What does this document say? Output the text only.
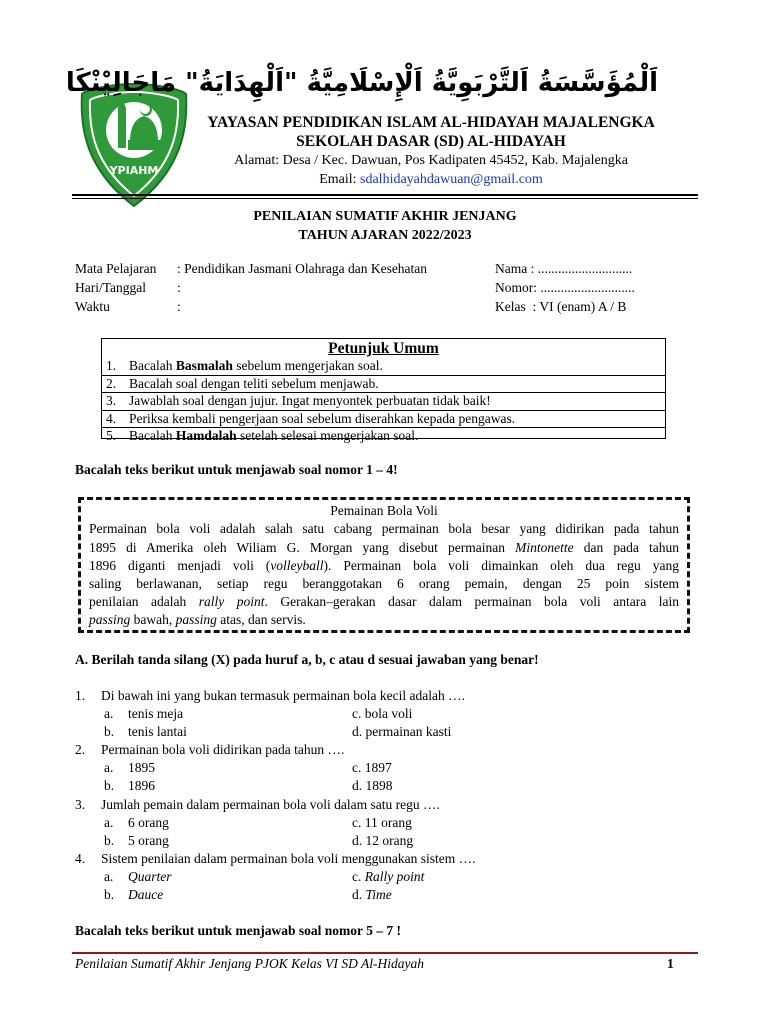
YPIAHM
اَلْمُؤَسَّسَةُ اَلتَّرْبَوِيَّةُ اَلْإِسْلَامِيَّةُ "اَلْهِدَايَةُ" مَاجَالِيْنْكَا
YAYASAN PENDIDIKAN ISLAM AL-HIDAYAH MAJALENGKA
SEKOLAH DASAR (SD) AL-HIDAYAH
Alamat: Desa / Kec. Dawuan, Pos Kadipaten 45452, Kab. Majalengka
Email: sdalhidayahdawuan@gmail.com
PENILAIAN SUMATIF AKHIR JENJANG
TAHUN AJARAN 2022/2023
Mata Pelajaran : Pendidikan Jasmani Olahraga dan Kesehatan
Hari/Tanggal :
Waktu	:
Nama : ............................
Nomor: ............................
Kelas  : VI (enam) A / B
Petunjuk Umum
1. Bacalah Basmalah sebelum mengerjakan soal.
2. Bacalah soal dengan teliti sebelum menjawab.
3. Jawablah soal dengan jujur. Ingat menyontek perbuatan tidak baik!
4. Periksa kembali pengerjaan soal sebelum diserahkan kepada pengawas.
5. Bacalah Hamdalah setelah selesai mengerjakan soal.
Bacalah teks berikut untuk menjawab soal nomor 1 – 4!
Pemainan Bola Voli
Permainan bola voli adalah salah satu cabang permainan bola besar yang didirikan pada tahun
1895 di Amerika oleh Wiliam G. Morgan yang disebut permainan Mintonette dan pada tahun
1896 diganti menjadi voli (volleyball). Permainan bola voli dimainkan oleh dua regu yang
saling berlawanan, setiap regu beranggotakan 6 orang pemain, dengan 25 poin sistem
penilaian adalah rally point. Gerakan–gerakan dasar dalam permainan bola voli antara lain
passing bawah, passing atas, dan servis.
A. Berilah tanda silang (X) pada huruf a, b, c atau d sesuai jawaban yang benar!
1. Di bawah ini yang bukan termasuk permainan bola kecil adalah ….
a. tenis meja	c. bola voli
b. tenis lantai	d. permainan kasti
2. Permainan bola voli didirikan pada tahun ….
a. 1895	c. 1897
b. 1896	d. 1898
3. Jumlah pemain dalam permainan bola voli dalam satu regu ….
a. 6 orang	c. 11 orang
b. 5 orang	d. 12 orang
4. Sistem penilaian dalam permainan bola voli menggunakan sistem ….
a. Quarter	c. Rally point
b. Dauce	d. Time
Bacalah teks berikut untuk menjawab soal nomor 5 – 7 !
Penilaian Sumatif Akhir Jenjang PJOK Kelas VI SD Al-Hidayah	1
